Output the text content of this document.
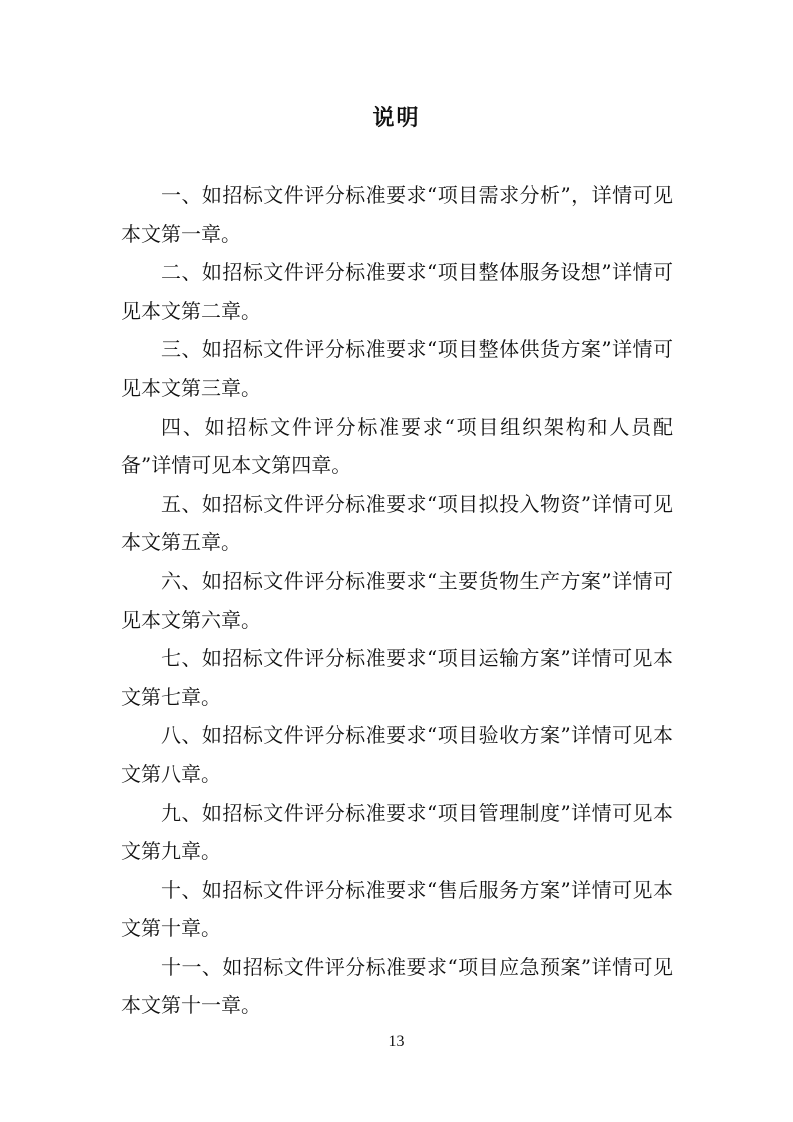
说明

一、如招标文件评分标准要求“项目需求分析”，详情可见本文第一章。

二、如招标文件评分标准要求“项目整体服务设想”详情可见本文第二章。

三、如招标文件评分标准要求“项目整体供货方案”详情可见本文第三章。

四、如招标文件评分标准要求“项目组织架构和人员配备”详情可见本文第四章。

五、如招标文件评分标准要求“项目拟投入物资”详情可见本文第五章。

六、如招标文件评分标准要求“主要货物生产方案”详情可见本文第六章。

七、如招标文件评分标准要求“项目运输方案”详情可见本文第七章。

八、如招标文件评分标准要求“项目验收方案”详情可见本文第八章。

九、如招标文件评分标准要求“项目管理制度”详情可见本文第九章。

十、如招标文件评分标准要求“售后服务方案”详情可见本文第十章。

十一、如招标文件评分标准要求“项目应急预案”详情可见本文第十一章。

13
